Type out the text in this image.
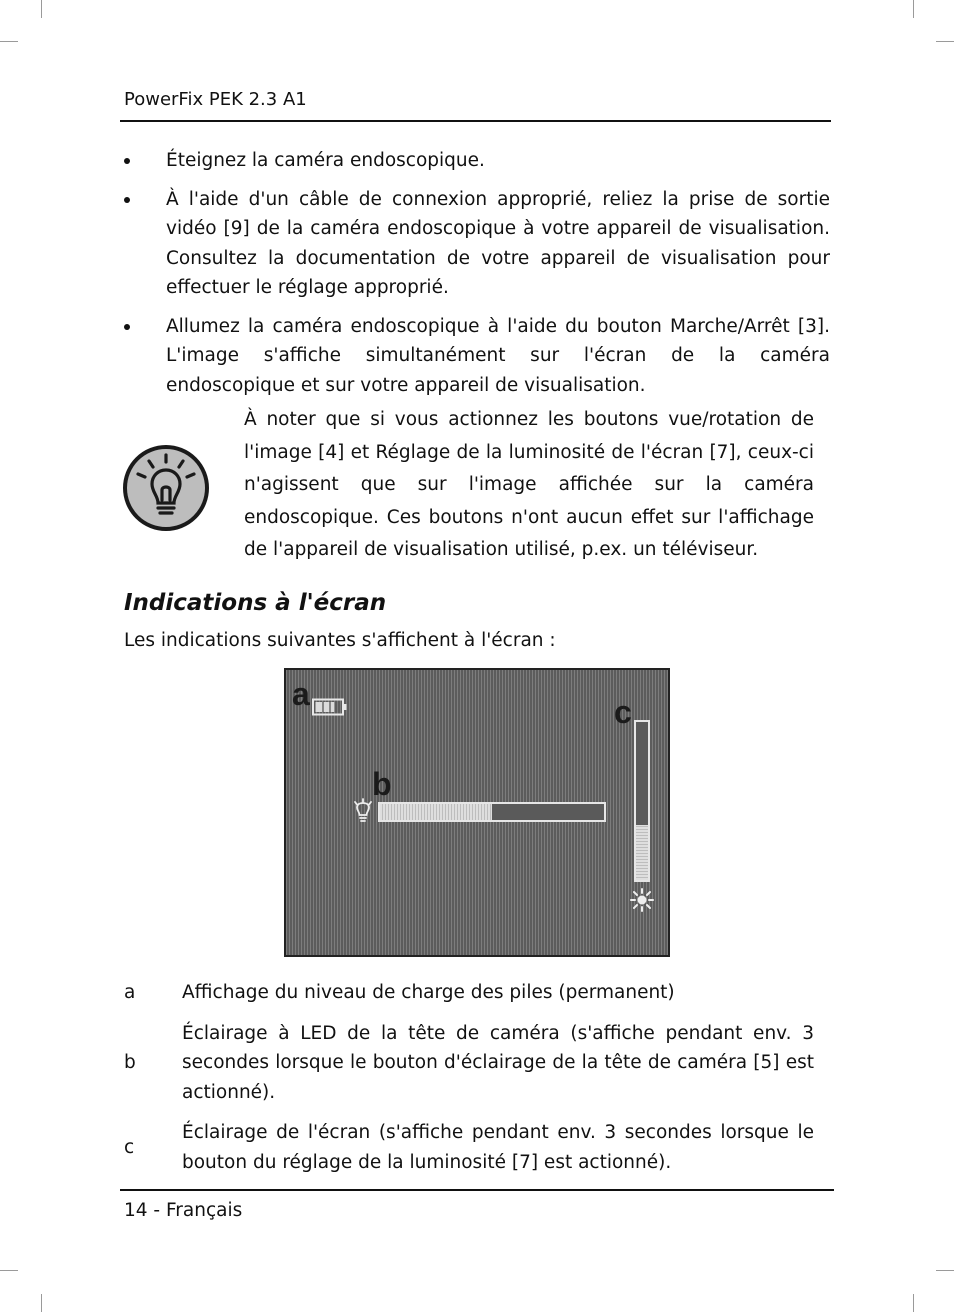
PowerFix PEK 2.3 A1
Éteignez la caméra endoscopique.
À l'aide d'un câble de connexion approprié, reliez la prise de sortie vidéo [9] de la caméra endoscopique à votre appareil de visualisation. Consultez la documentation de votre appareil de visualisation pour effectuer le réglage approprié.
Allumez la caméra endoscopique à l'aide du bouton Marche/Arrêt [3]. L'image s'affiche simultanément sur l'écran de la caméra endoscopique et sur votre appareil de visualisation.
À noter que si vous actionnez les boutons vue/rotation de l'image [4] et Réglage de la luminosité de l'écran [7], ceux-ci n'agissent que sur l'image affichée sur la caméra endoscopique. Ces boutons n'ont aucun effet sur l'affichage de l'appareil de visualisation utilisé, p.ex. un téléviseur.
Indications à l'écran
Les indications suivantes s'affichent à l'écran :
a	c
b
a	Affichage du niveau de charge des piles (permanent)
b
Éclairage à LED de la tête de caméra (s'affiche pendant env. 3 secondes lorsque le bouton d'éclairage de la tête de caméra [5] est actionné).
c
Éclairage de l'écran (s'affiche pendant env. 3 secondes lorsque le bouton du réglage de la luminosité [7] est actionné).
14 - Français
